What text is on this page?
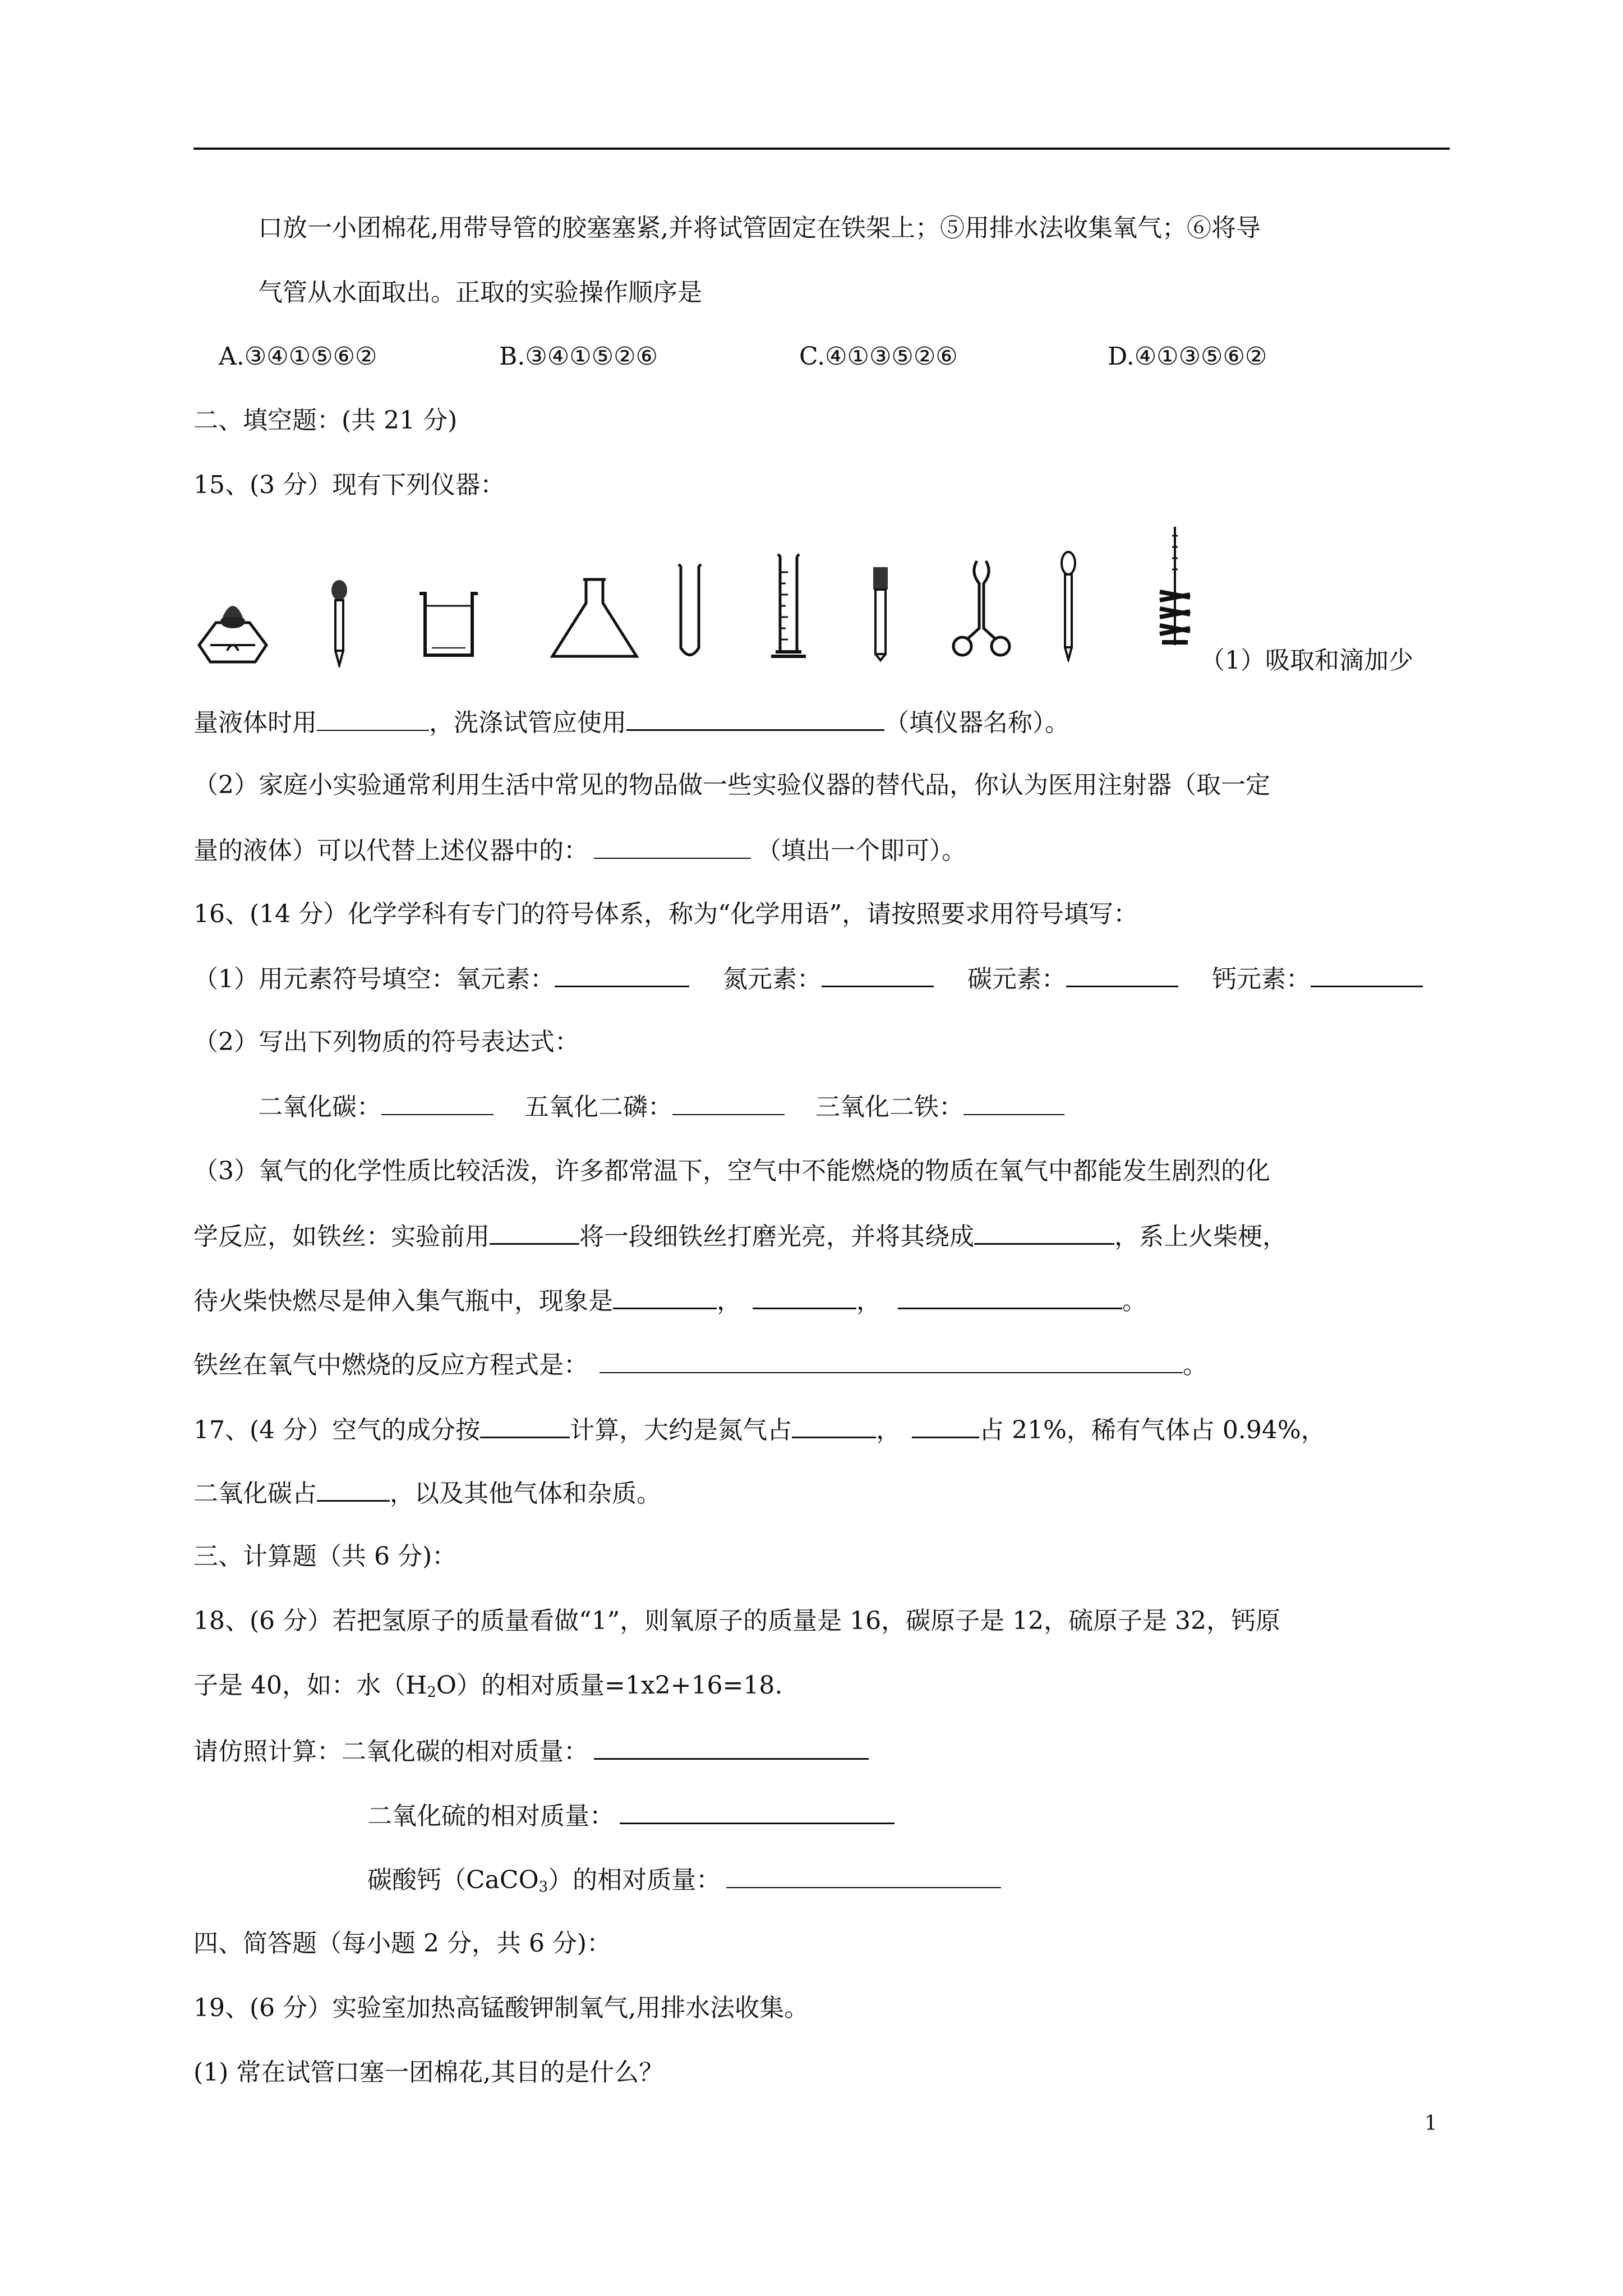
口放一小团棉花,用带导管的胶塞塞紧,并将试管固定在铁架上；⑤用排水法收集氧气；⑥将导
气管从水面取出。正取的实验操作顺序是
A.③④①⑤⑥②	B.③④①⑤②⑥	C.④①③⑤②⑥	D.④①③⑤⑥②
二、填空题：(共 21 分)
15、(3 分）现有下列仪器：
（1）吸取和滴加少
量液体时用	，洗涤试管应使用	（填仪器名称）。
（2）家庭小实验通常利用生活中常见的物品做一些实验仪器的替代品，你认为医用注射器（取一定
量的液体）可以代替上述仪器中的：	（填出一个即可）。
16、(14 分）化学学科有专门的符号体系，称为“化学用语”，请按照要求用符号填写：
（1）用元素符号填空：氧元素：	氮元素：	碳元素：	钙元素：
（2）写出下列物质的符号表达式：
二氧化碳：	五氧化二磷：	三氧化二铁：
（3）氧气的化学性质比较活泼，许多都常温下，空气中不能燃烧的物质在氧气中都能发生剧烈的化
学反应，如铁丝：实验前用	将一段细铁丝打磨光亮，并将其绕成	，系上火柴梗，
待火柴快燃尽是伸入集气瓶中，现象是	，	，	。
铁丝在氧气中燃烧的反应方程式是：	。
17、(4 分）空气的成分按	计算，大约是氮气占	，	占 21%，稀有气体占 0.94%，
二氧化碳占	，以及其他气体和杂质。
三、计算题（共 6 分)：
18、(6 分）若把氢原子的质量看做“1”，则氧原子的质量是 16，碳原子是 12，硫原子是 32，钙原
子是 40，如：水$(H_2O)$的相对质量=1x2+16=18.
请仿照计算：二氧化碳的相对质量：
二氧化硫的相对质量：
碳酸钙（CaCO$_3$）的相对质量：
四、简答题（每小题 2 分，共 6 分)：
19、(6 分）实验室加热高锰酸钾制氧气,用排水法收集。
(1) 常在试管口塞一团棉花,其目的是什么？
1
